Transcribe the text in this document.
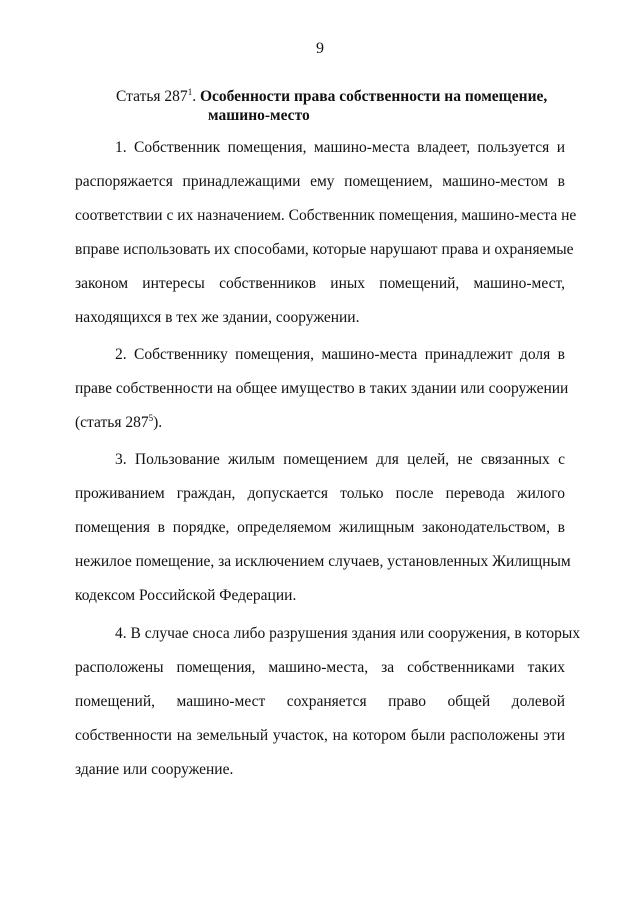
9
Статья $287^1$. Особенности права собственности на помещение,
машино-место
1. Собственник помещения, машино-места владеет, пользуется и
распоряжается принадлежащими ему помещением, машино-местом в
соответствии с их назначением. Собственник помещения, машино-места не
вправе использовать их способами, которые нарушают права и охраняемые
законом интересы собственников иных помещений, машино-мест,
находящихся в тех же здании, сооружении.
2. Собственнику помещения, машино-места принадлежит доля в
праве собственности на общее имущество в таких здании или сооружении
(статья $287^5$).
3. Пользование жилым помещением для целей, не связанных с
проживанием граждан, допускается только после перевода жилого
помещения в порядке, определяемом жилищным законодательством, в
нежилое помещение, за исключением случаев, установленных Жилищным
кодексом Российской Федерации.
4. В случае сноса либо разрушения здания или сооружения, в которых
расположены помещения, машино-места, за собственниками таких
помещений, машино-мест сохраняется право общей долевой
собственности на земельный участок, на котором были расположены эти
здание или сооружение.
